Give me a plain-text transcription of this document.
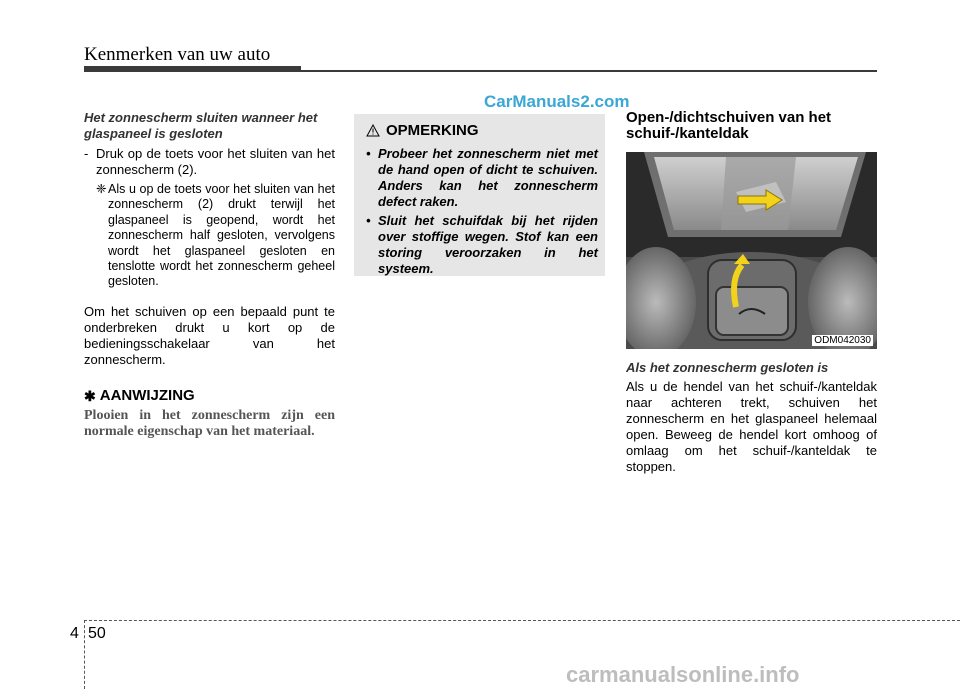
Kenmerken van uw auto
CarManuals2.com
Het zonnescherm sluiten wanneer het glaspaneel is gesloten
- Druk op de toets voor het sluiten van het zonnescherm (2).
❈ Als u op de toets voor het sluiten van het zonnescherm (2) drukt terwijl het glaspaneel is geopend, wordt het zonnescherm half gesloten, vervolgens wordt het glaspaneel gesloten en tenslotte wordt het zonnescherm geheel gesloten.
Om het schuiven op een bepaald punt te onderbreken drukt u kort op de bedieningsschakelaar van het zonnescherm.
✱ AANWIJZING
Plooien in het zonnescherm zijn een normale eigenschap van het materiaal.
OPMERKING
• Probeer het zonnescherm niet met de hand open of dicht te schuiven. Anders kan het zonnescherm defect raken.
• Sluit het schuifdak bij het rijden over stoffige wegen. Stof kan een storing veroorzaken in het systeem.
Open-/dichtschuiven van het schuif-/kanteldak
ODM042030
Als het zonnescherm gesloten is
Als u de hendel van het schuif-/kanteldak naar achteren trekt, schuiven het zonnescherm en het glaspaneel helemaal open. Beweeg de hendel kort omhoog of omlaag om het schuif-/kanteldak te stoppen.
4 50
carmanualsonline.info
